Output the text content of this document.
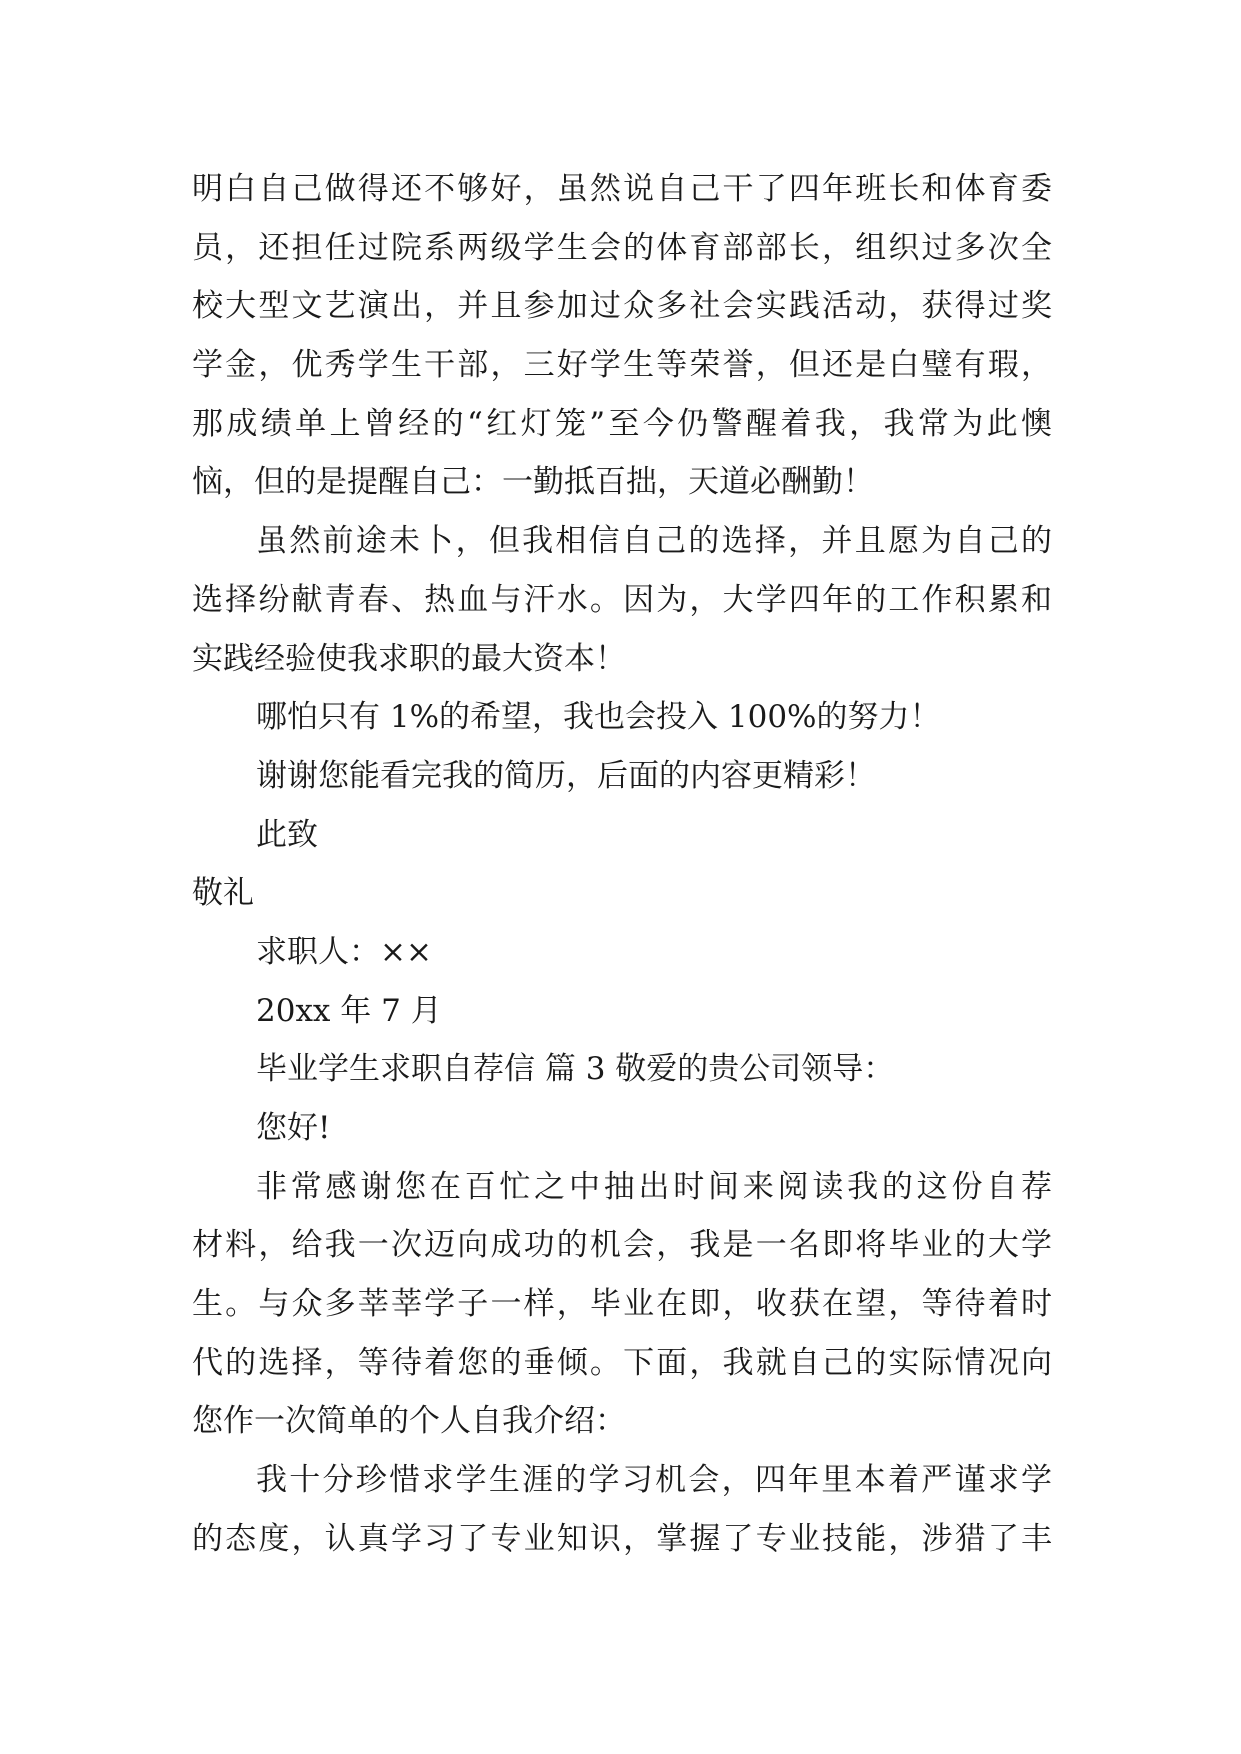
明白自己做得还不够好，虽然说自己干了四年班长和体育委
员，还担任过院系两级学生会的体育部部长，组织过多次全
校大型文艺演出，并且参加过众多社会实践活动，获得过奖
学金，优秀学生干部，三好学生等荣誉，但还是白璧有瑕，
那成绩单上曾经的“红灯笼”至今仍警醒着我，我常为此懊
恼，但的是提醒自己：一勤抵百拙，天道必酬勤！
虽然前途未卜，但我相信自己的选择，并且愿为自己的
选择纷献青春、热血与汗水。因为，大学四年的工作积累和
实践经验使我求职的最大资本！
哪怕只有 1%的希望，我也会投入 100%的努力！
谢谢您能看完我的简历，后面的内容更精彩！
此致
敬礼
求职人：××
20xx 年 7 月
毕业学生求职自荐信 篇 3 敬爱的贵公司领导：
您好!
非常感谢您在百忙之中抽出时间来阅读我的这份自荐
材料，给我一次迈向成功的机会，我是一名即将毕业的大学
生。与众多莘莘学子一样，毕业在即，收获在望，等待着时
代的选择，等待着您的垂倾。下面，我就自己的实际情况向
您作一次简单的个人自我介绍：
我十分珍惜求学生涯的学习机会，四年里本着严谨求学
的态度，认真学习了专业知识，掌握了专业技能，涉猎了丰
